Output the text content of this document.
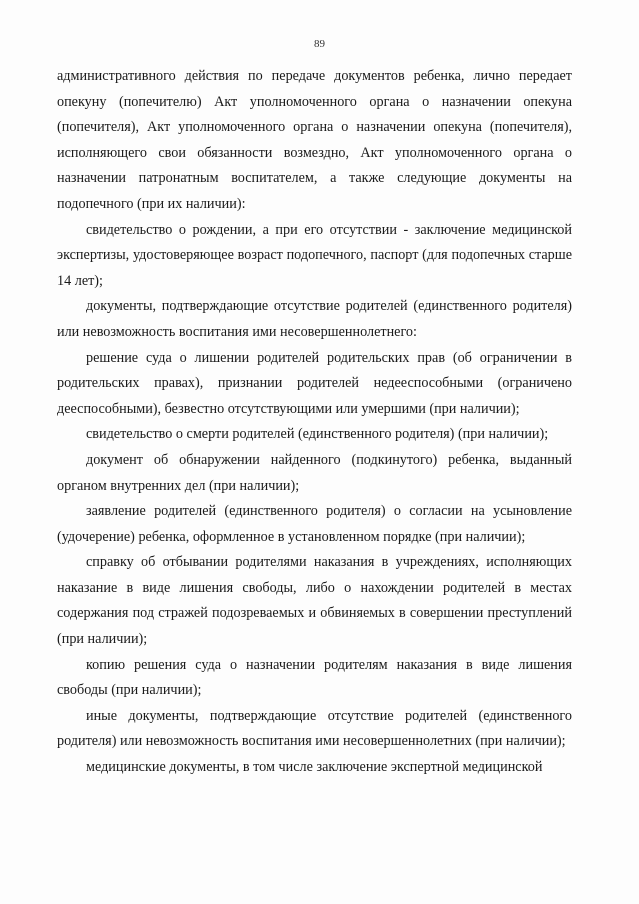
89

административного действия по передаче документов ребенка, лично передает опекуну (попечителю) Акт уполномоченного органа о назначении опекуна (попечителя), Акт уполномоченного органа о назначении опекуна (попечителя), исполняющего свои обязанности возмездно, Акт уполномоченного органа о назначении патронатным воспитателем, а также следующие документы на подопечного (при их наличии):

свидетельство о рождении, а при его отсутствии - заключение медицинской экспертизы, удостоверяющее возраст подопечного, паспорт (для подопечных старше 14 лет);

документы, подтверждающие отсутствие родителей (единственного родителя) или невозможность воспитания ими несовершеннолетнего:

решение суда о лишении родителей родительских прав (об ограничении в родительских правах), признании родителей недееспособными (ограничено дееспособными), безвестно отсутствующими или умершими (при наличии);

свидетельство о смерти родителей (единственного родителя) (при наличии);

документ об обнаружении найденного (подкинутого) ребенка, выданный органом внутренних дел (при наличии);

заявление родителей (единственного родителя) о согласии на усыновление (удочерение) ребенка, оформленное в установленном порядке (при наличии);

справку об отбывании родителями наказания в учреждениях, исполняющих наказание в виде лишения свободы, либо о нахождении родителей в местах содержания под стражей подозреваемых и обвиняемых в совершении преступлений (при наличии);

копию решения суда о назначении родителям наказания в виде лишения свободы (при наличии);

иные документы, подтверждающие отсутствие родителей (единственного родителя) или невозможность воспитания ими несовершеннолетних (при наличии);

медицинские документы, в том числе заключение экспертной медицинской
